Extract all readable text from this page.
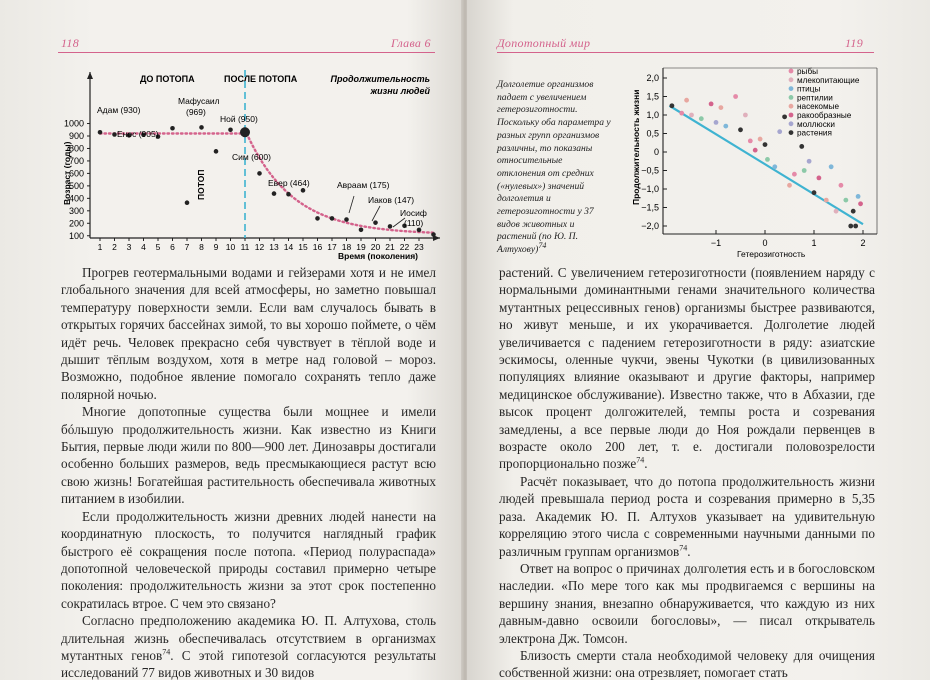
118	Глава 6
1000
900
800
700
600
500
400
300
200
100
1 2 3 4 5 6 7 8 9 10 11 12 13 14 15 16 17 18 19 20 21 22 23
Возраст (годы)
Время (поколения)
Продолжительность
жизни людей
ДО ПОТОПА	ПОСЛЕ ПОТОПА
ПОТОП
Адам (930)
Енос (905)
Мафусаил
(969)
Ной (950)
Сим (600)
Евер (464)	Авраам (175)
Иаков (147)
Иосиф
(110)

Прогрев геотермальными водами и гейзерами хотя и не имел глобального значения для всей атмосферы, но заметно повышал температуру поверхности земли. Если вам случалось бывать в открытых горячих бассейнах зимой, то вы хорошо поймете, о чём идёт речь. Человек прекрасно себя чувствует в тёплой воде и дышит тёплым воздухом, хотя в метре над головой – мороз. Возможно, подобное явление помогало сохранять тепло даже полярной ночью.

Многие допотопные существа были мощнее и имели бóльшую продолжительность жизни. Как известно из Книги Бытия, первые люди жили по 800—900 лет. Динозавры достигали особенно больших размеров, ведь пресмыкающиеся растут всю свою жизнь! Богатейшая растительность обеспечивала животных питанием в изобилии.

Если продолжительность жизни древних людей нанести на координатную плоскость, то получится наглядный график быстрого её сокращения после потопа. «Период полураспада» допотопной человеческой природы составил примерно четыре поколения: продолжительность жизни за этот срок постепенно сократилась втрое. С чем это связано?

Согласно предположению академика Ю. П. Алтухова, столь длительная жизнь обеспечивалась отсутствием в организмах мутантных генов$^{74}$. С этой гипотезой согласуются результаты исследований 77 видов животных и 30 видов

Допотопный мир	119
2,0
1,5
1,0
0,5
0
−0,5
−1,0
−1,5
−2,0
−1	0	1	2
Продолжительность жизни
Гетерозиготность
рыбы
млекопитающие
птицы
рептилии
насекомые
ракообразные
моллюски
растения

растений. С увеличением гетерозиготности (появлением наряду с нормальными доминантными генами значительного количества мутантных рецессивных генов) организмы быстрее развиваются, но живут меньше, и их укорачивается. Долголетие людей увеличивается с падением гетерозиготности в ряду: азиатские эскимосы, оленные чукчи, эвены Чукотки (в цивилизованных популяциях влияние оказывают и другие факторы, например медицинское обслуживание). Известно также, что в Абхазии, где высок процент долгожителей, темпы роста и созревания замедлены, а все первые люди до Ноя рождали первенцев в возрасте около 200 лет, т. е. достигали половозрелости пропорционально позже$^{74}$.

Расчёт показывает, что до потопа продолжительность жизни людей превышала период роста и созревания примерно в 5,35 раза. Академик Ю. П. Алтухов указывает на удивительную корреляцию этого числа с современными научными данными по различным группам организмов$^{74}$.

Ответ на вопрос о причинах долголетия есть и в богословском наследии. «По мере того как мы продвигаемся с вершины на вершину знания, внезапно обнаруживается, что каждую из них давным-давно освоили богословы», — писал открыватель электрона Дж. Томсон.

Близость смерти стала необходимой человеку для очищения собственной жизни: она отрезвляет, помогает стать

Долголетие организмов падает с увеличением гетерозиготности. Поскольку оба параметра у разных групп организмов различны, то показаны относительные отклонения от средних («нулевых») значений долголетия и гетерозиготности у 37 видов животных и растений (по Ю. П. Алтухову)$^{74}$
